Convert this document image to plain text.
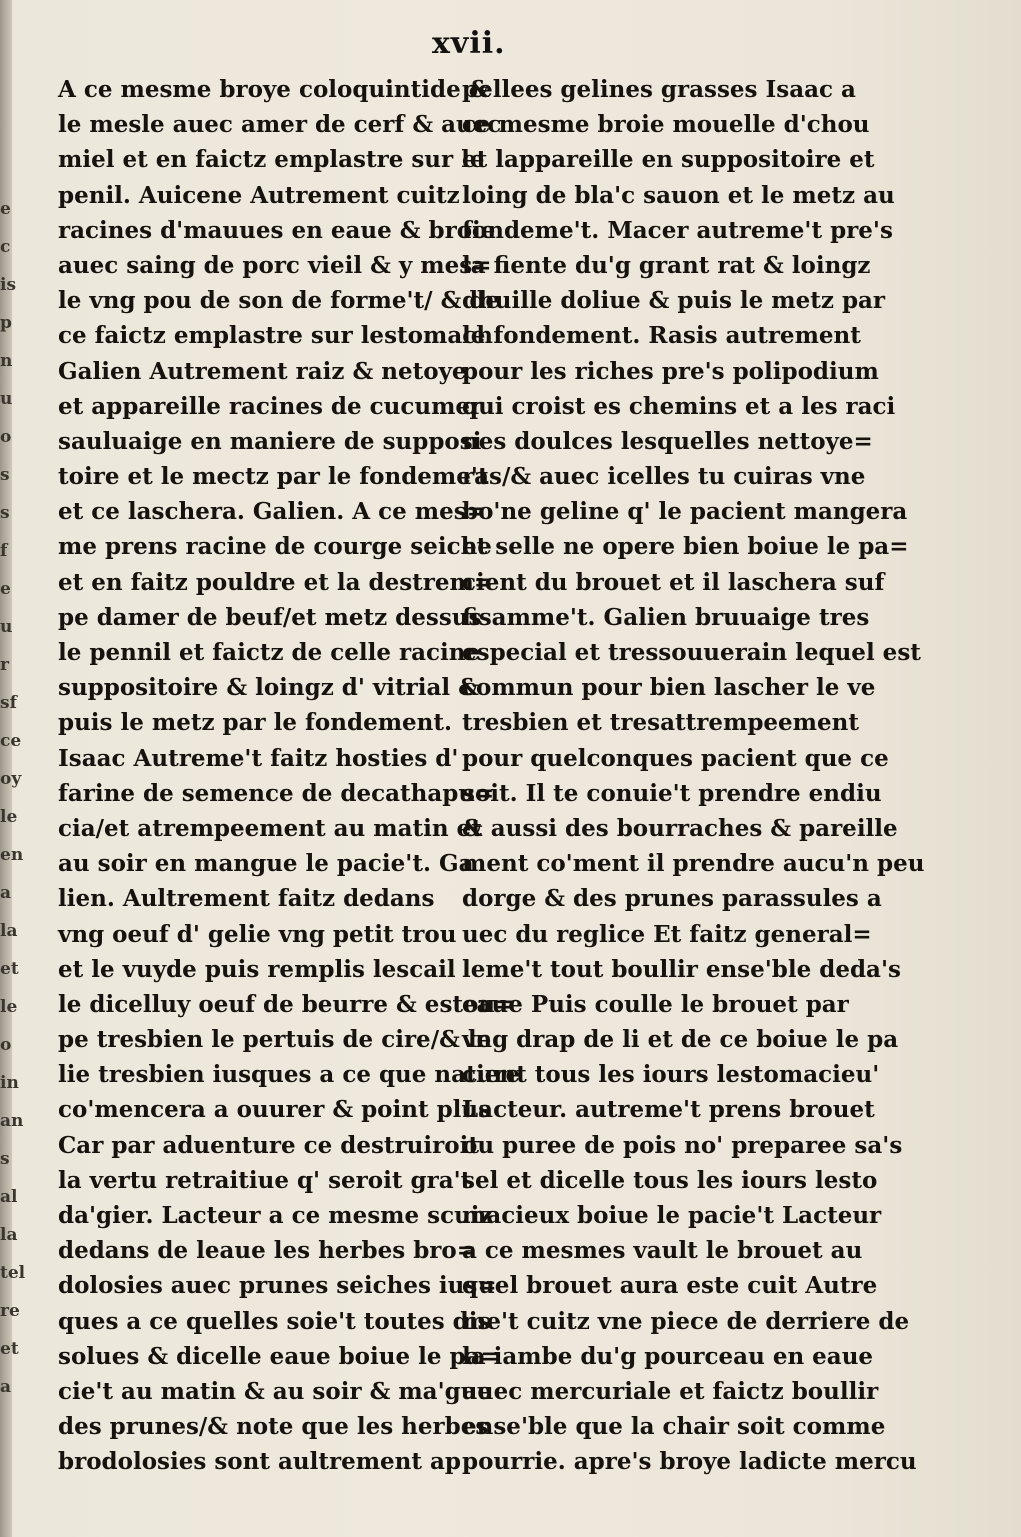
e
c
is
p
n
u
o
s
s
f
e
u
r
sf
ce
oy
le
en
a
la
et
le
o
in
an
s
al
la
tel
re
et
a
xvii.
A ce mesme broye coloquintide &
le mesle auec amer de cerf & auec
miel et en faictz emplastre sur le
penil. Auicene Autrement cuitz
racines d'mauues en eaue & broie
auec saing de porc vieil & y mes=
le vng pou de son de forme't/ & de
ce faictz emplastre sur lestomach
Galien Autrement raiz & netoye
et appareille racines de cucumer
sauluaige en maniere de supposi
toire et le mectz par le fondeme't
et ce laschera. Galien. A ce mes=
me prens racine de courge seiche
et en faitz pouldre et la destrem=
pe damer de beuf/et metz dessus
le pennil et faictz de celle racine
suppositoire & loingz d' vitrial &
puis le metz par le fondement.
Isaac Autreme't faitz hosties d'
farine de semence de decathapu=
cia/et atrempeement au matin et
au soir en mangue le pacie't. Ga
lien. Aultrement faitz dedans
vng oeuf d' gelie vng petit trou
et le vuyde puis remplis lescail
le dicelluy oeuf de beurre & estou=
pe tresbien le pertuis de cire/& le
lie tresbien iusques a ce que nature
co'mencera a ouurer & point plus
Car par aduenture ce destruiroit
la vertu retraitiue q' seroit gra't
da'gier. Lacteur a ce mesme scuiz
dedans de leaue les herbes bro=
dolosies auec prunes seiches ius=
ques a ce quelles soie't toutes dis
solues & dicelle eaue boiue le pa=
cie't au matin & au soir & ma'gue
des prunes/& note que les herbes
brodolosies sont aultrement ap
pellees gelines grasses Isaac a
ce mesme broie mouelle d'chou
et lappareille en suppositoire et
loing de bla'c sauon et le metz au
fondeme't. Macer autreme't pre's
la fiente du'g grant rat & loingz
dhuille doliue & puis le metz par
le fondement. Rasis autrement
pour les riches pre's polipodium
qui croist es chemins et a les raci
nes doulces lesquelles nettoye=
ras/& auec icelles tu cuiras vne
bo'ne geline q' le pacient mangera
et selle ne opere bien boiue le pa=
cient du brouet et il laschera suf
fisamme't. Galien bruuaige tres
especial et tressouuerain lequel est
commun pour bien lascher le ve
tresbien et tresattrempeement
pour quelconques pacient que ce
soit. Il te conuie't prendre endiu
& aussi des bourraches & pareille
ment co'ment il prendre aucu'n peu
dorge & des prunes parassules a
uec du reglice Et faitz general=
leme't tout boullir ense'ble deda's
eaue Puis coulle le brouet par
vng drap de li et de ce boiue le pa
cient tous les iours lestomacieu'
Lacteur. autreme't prens brouet
ou puree de pois no' preparee sa's
sel et dicelle tous les iours lesto
macieux boiue le pacie't Lacteur
a ce mesmes vault le brouet au
quel brouet aura este cuit Autre
me't cuitz vne piece de derriere de
la iambe du'g pourceau en eaue
auec mercuriale et faictz boullir
ense'ble que la chair soit comme
pourrie. apre's broye ladicte mercu
